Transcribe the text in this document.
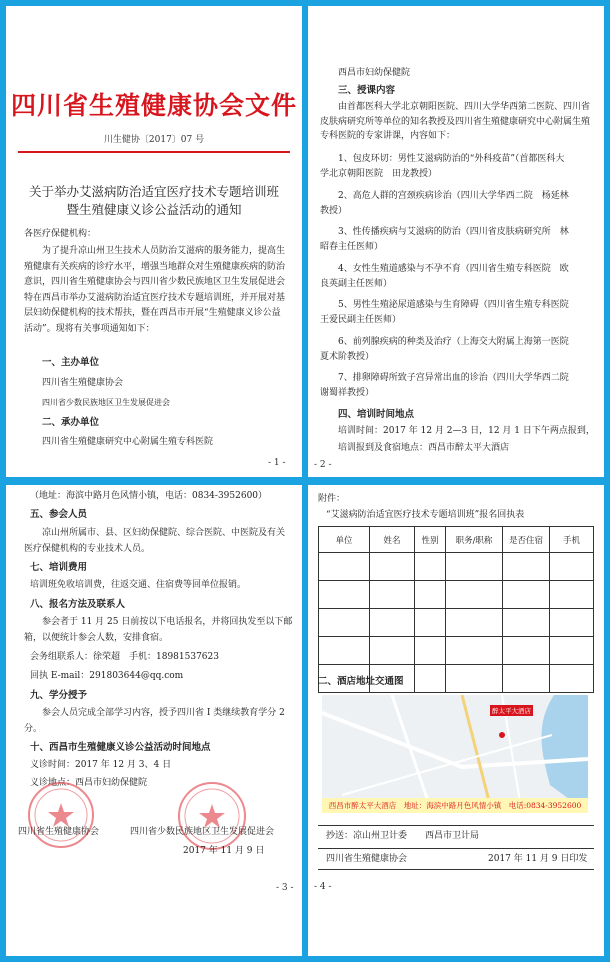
四川省生殖健康协会文件
川生健协〔2017〕07 号
关于举办艾滋病防治适宜医疗技术专题培训班
暨生殖健康义诊公益活动的通知
各医疗保健机构：
为了提升凉山州卫生技术人员防治艾滋病的服务能力，提高生殖健康有关疾病的诊疗水平，增强当地群众对生殖健康疾病的防治意识，四川省生殖健康协会与四川省少数民族地区卫生发展促进会特在西昌市举办艾滋病防治适宜医疗技术专题培训班，并开展对基层妇幼保健机构的技术帮扶，暨在西昌市开展“生殖健康义诊公益活动”。现将有关事项通知如下：
一、主办单位
四川省生殖健康协会
四川省少数民族地区卫生发展促进会
二、承办单位
四川省生殖健康研究中心附属生殖专科医院
- 1 -
西昌市妇幼保健院
三、授课内容
由首都医科大学北京朝阳医院、四川大学华西第二医院、四川省皮肤病研究所等单位的知名教授及四川省生殖健康研究中心附属生殖专科医院的专家讲课，内容如下：
1、包皮环切：男性艾滋病防治的“外科疫苗”（首都医科大
学北京朝阳医院　田龙教授）
2、高危人群的宫颈疾病诊治（四川大学华西二院　杨延林
教授）
3、性传播疾病与艾滋病的防治（四川省皮肤病研究所　林
昭春主任医师）
4、女性生殖道感染与不孕不育（四川省生殖专科医院　欧
良英副主任医师）
5、男性生殖泌尿道感染与生育障碍（四川省生殖专科医院
王爱民副主任医师）
6、前列腺疾病的种类及治疗（上海交大附属上海第一医院
夏术阶教授）
7、排卵障碍所致子宫异常出血的诊治（四川大学华西二院
谢蜀祥教授）
四、培训时间地点
培训时间：2017 年 12 月 2—3 日，12 月 1 日下午两点报到，
培训报到及食宿地点：西昌市醉太平大酒店
- 2 -
（地址：海滨中路月色风情小镇，电话：0834-3952600）
五、参会人员
凉山州所属市、县、区妇幼保健院、综合医院、中医院及有关医疗保健机构的专业技术人员。
七、培训费用
培训班免收培训费，往返交通、住宿费等回单位报销。
八、报名方法及联系人
参会者于 11 月 25 日前按以下电话报名，并将回执发至以下邮箱，以便统计参会人数，安排食宿。
会务组联系人：徐荣超　手机：18981537623
回执 E-mail：291803644@qq.com
九、学分授予
参会人员完成全部学习内容，授予四川省 I 类继续教育学分 2 分。
十、西昌市生殖健康义诊公益活动时间地点
义诊时间：2017 年 12 月 3、4 日
义诊地点：西昌市妇幼保健院
四川省生殖健康协会	四川省少数民族地区卫生发展促进会
2017 年 11 月 9 日
- 3 -
附件：
“艾滋病防治适宜医疗技术专题培训班”报名回执表
单位	姓名	性别	职务/职称	是否住宿	手机

二、酒店地址交通图
醉太平大酒店
西昌市醉太平大酒店　地址：海滨中路月色风情小镇　电话:0834-3952600
抄送：凉山州卫计委　　西昌市卫计局
四川省生殖健康协会	2017 年 11 月 9 日印发
- 4 -
